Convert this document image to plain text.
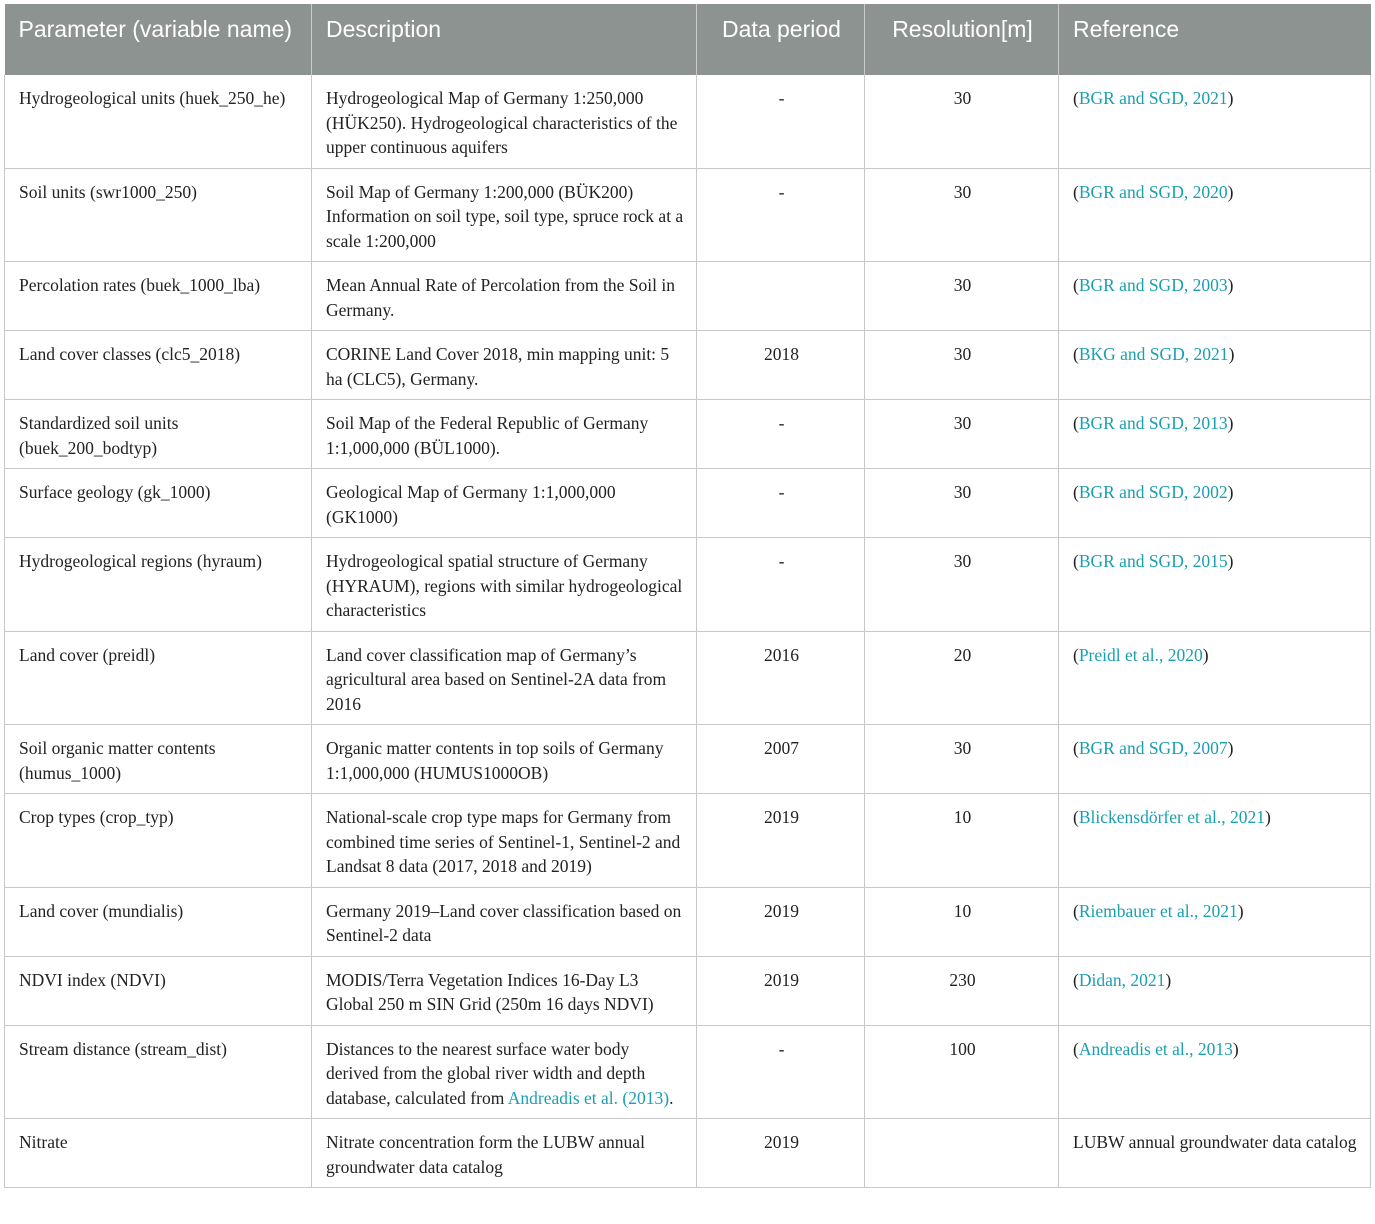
Parameter (variable name)	Description	Data period	Resolution[m]	Reference
Hydrogeological units (huek_250_he)	Hydrogeological Map of Germany 1:250,000 (HÜK250). Hydrogeological characteristics of the upper continuous aquifers	-	30	(BGR and SGD, 2021)
Soil units (swr1000_250)	Soil Map of Germany 1:200,000 (BÜK200) Information on soil type, soil type, spruce rock at a scale 1:200,000	-	30	(BGR and SGD, 2020)
Percolation rates (buek_1000_lba)	Mean Annual Rate of Percolation from the Soil in Germany.		30	(BGR and SGD, 2003)
Land cover classes (clc5_2018)	CORINE Land Cover 2018, min mapping unit: 5 ha (CLC5), Germany.	2018	30	(BKG and SGD, 2021)
Standardized soil units (buek_200_bodtyp)	Soil Map of the Federal Republic of Germany 1:1,000,000 (BÜL1000).	-	30	(BGR and SGD, 2013)
Surface geology (gk_1000)	Geological Map of Germany 1:1,000,000 (GK1000)	-	30	(BGR and SGD, 2002)
Hydrogeological regions (hyraum)	Hydrogeological spatial structure of Germany (HYRAUM), regions with similar hydrogeological characteristics	-	30	(BGR and SGD, 2015)
Land cover (preidl)	Land cover classification map of Germany’s agricultural area based on Sentinel-2A data from 2016	2016	20	(Preidl et al., 2020)
Soil organic matter contents (humus_1000)	Organic matter contents in top soils of Germany 1:1,000,000 (HUMUS1000OB)	2007	30	(BGR and SGD, 2007)
Crop types (crop_typ)	National-scale crop type maps for Germany from combined time series of Sentinel-1, Sentinel-2 and Landsat 8 data (2017, 2018 and 2019)	2019	10	(Blickensdörfer et al., 2021)
Land cover (mundialis)	Germany 2019–Land cover classification based on Sentinel-2 data	2019	10	(Riembauer et al., 2021)
NDVI index (NDVI)	MODIS/Terra Vegetation Indices 16-Day L3 Global 250 m SIN Grid (250m 16 days NDVI)	2019	230	(Didan, 2021)
Stream distance (stream_dist)	Distances to the nearest surface water body derived from the global river width and depth database, calculated from Andreadis et al. (2013).	-	100	(Andreadis et al., 2013)
Nitrate	Nitrate concentration form the LUBW annual groundwater data catalog	2019		LUBW annual groundwater data catalog
